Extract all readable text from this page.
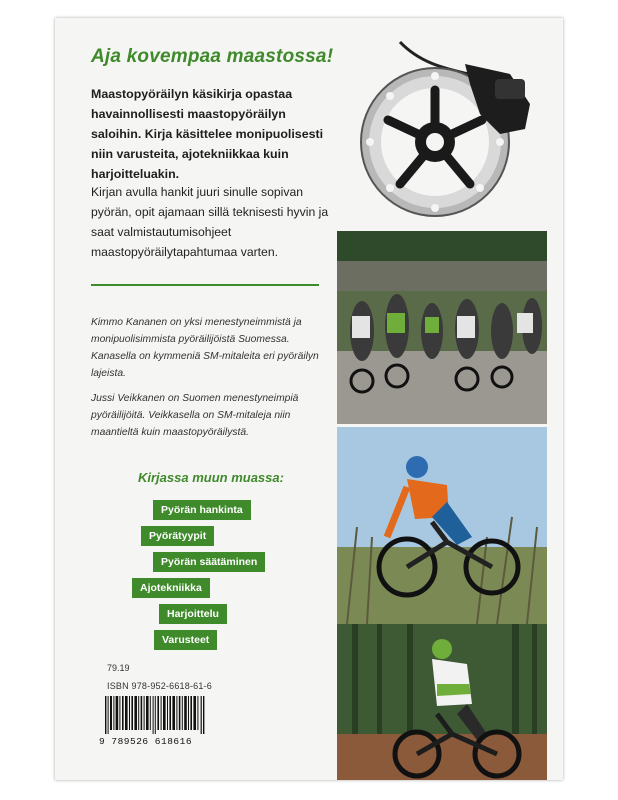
Aja kovempaa maastossa!
Maastopyöräilyn käsikirja opastaa havainnollisesti maastopyöräilyn saloihin. Kirja käsittelee monipuolisesti niin varusteita, ajotekniikkaa kuin harjoitteluakin.
Kirjan avulla hankit juuri sinulle sopivan pyörän, opit ajamaan sillä teknisesti hyvin ja saat valmistautumisohjeet maastopyöräilytapahtumaa varten.
Kimmo Kananen on yksi menestyneimmistä ja monipuolisimmista pyöräilijöistä Suomessa. Kanasella on kymmeniä SM-mitaleita eri pyöräilyn lajeista.
Jussi Veikkanen on Suomen menestyneimpiä pyöräilijöitä. Veikkasella on SM-mitaleja niin maantieltä kuin maastopyöräilystä.
Kirjassa muun muassa:
Pyörän hankinta
Pyörätyypit
Pyörän säätäminen
Ajotekniikka
Harjoittelu
Varusteet
79.19
ISBN 978-952-6618-61-6
9 789526 618616
